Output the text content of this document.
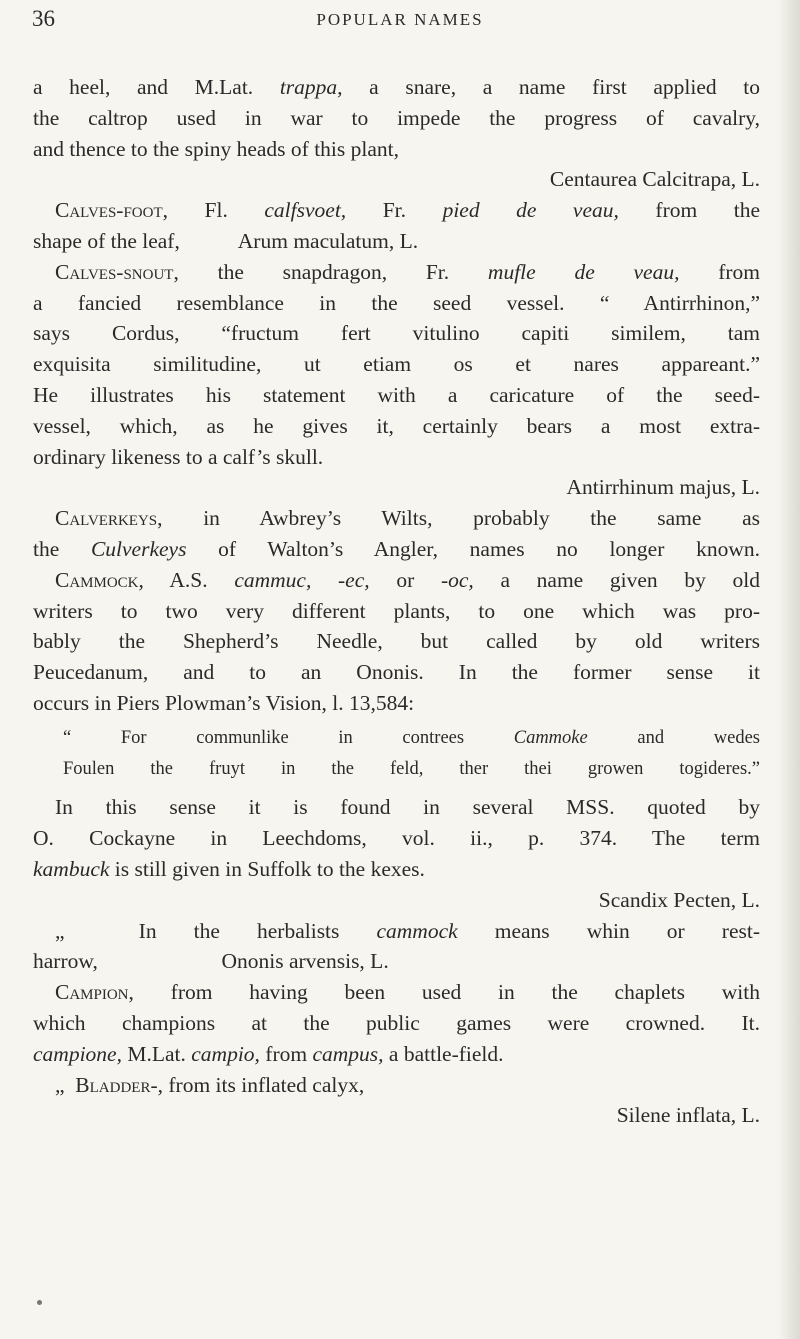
36	POPULAR NAMES
a heel, and M.Lat. trappa, a snare, a name first applied to
the caltrop used in war to impede the progress of cavalry,
and thence to the spiny heads of this plant,
Centaurea Calcitrapa, L.
Calves-foot, Fl. calfsvoet, Fr. pied de veau, from the
shape of the leaf,           Arum maculatum, L.
Calves-snout, the snapdragon, Fr. mufle de veau, from
a fancied resemblance in the seed vessel. “ Antirrhinon,”
says Cordus, “fructum fert vitulino capiti similem, tam
exquisita similitudine, ut etiam os et nares appareant.”
He illustrates his statement with a caricature of the seed-
vessel, which, as he gives it, certainly bears a most extra-
ordinary likeness to a calf’s skull.
Antirrhinum majus, L.
Calverkeys, in Awbrey’s Wilts, probably the same as
the Culverkeys of Walton’s Angler, names no longer known.
Cammock, A.S. cammuc, -ec, or -oc, a name given by old
writers to two very different plants, to one which was pro-
bably the Shepherd’s Needle, but called by old writers
Peucedanum, and to an Ononis. In the former sense it
occurs in Piers Plowman’s Vision, l. 13,584:
“ For communlike in contrees Cammoke and wedes
Foulen the fruyt in the feld, ther thei growen togideres.”
In this sense it is found in several MSS. quoted by
O. Cockayne in Leechdoms, vol. ii., p. 374. The term
kambuck is still given in Suffolk to the kexes.
Scandix Pecten, L.
„  In the herbalists cammock means whin or rest-
harrow,                       Ononis arvensis, L.
Campion, from having been used in the chaplets with
which champions at the public games were crowned. It.
campione, M.Lat. campio, from campus, a battle-field.
„  Bladder-, from its inflated calyx,
Silene inflata, L.
